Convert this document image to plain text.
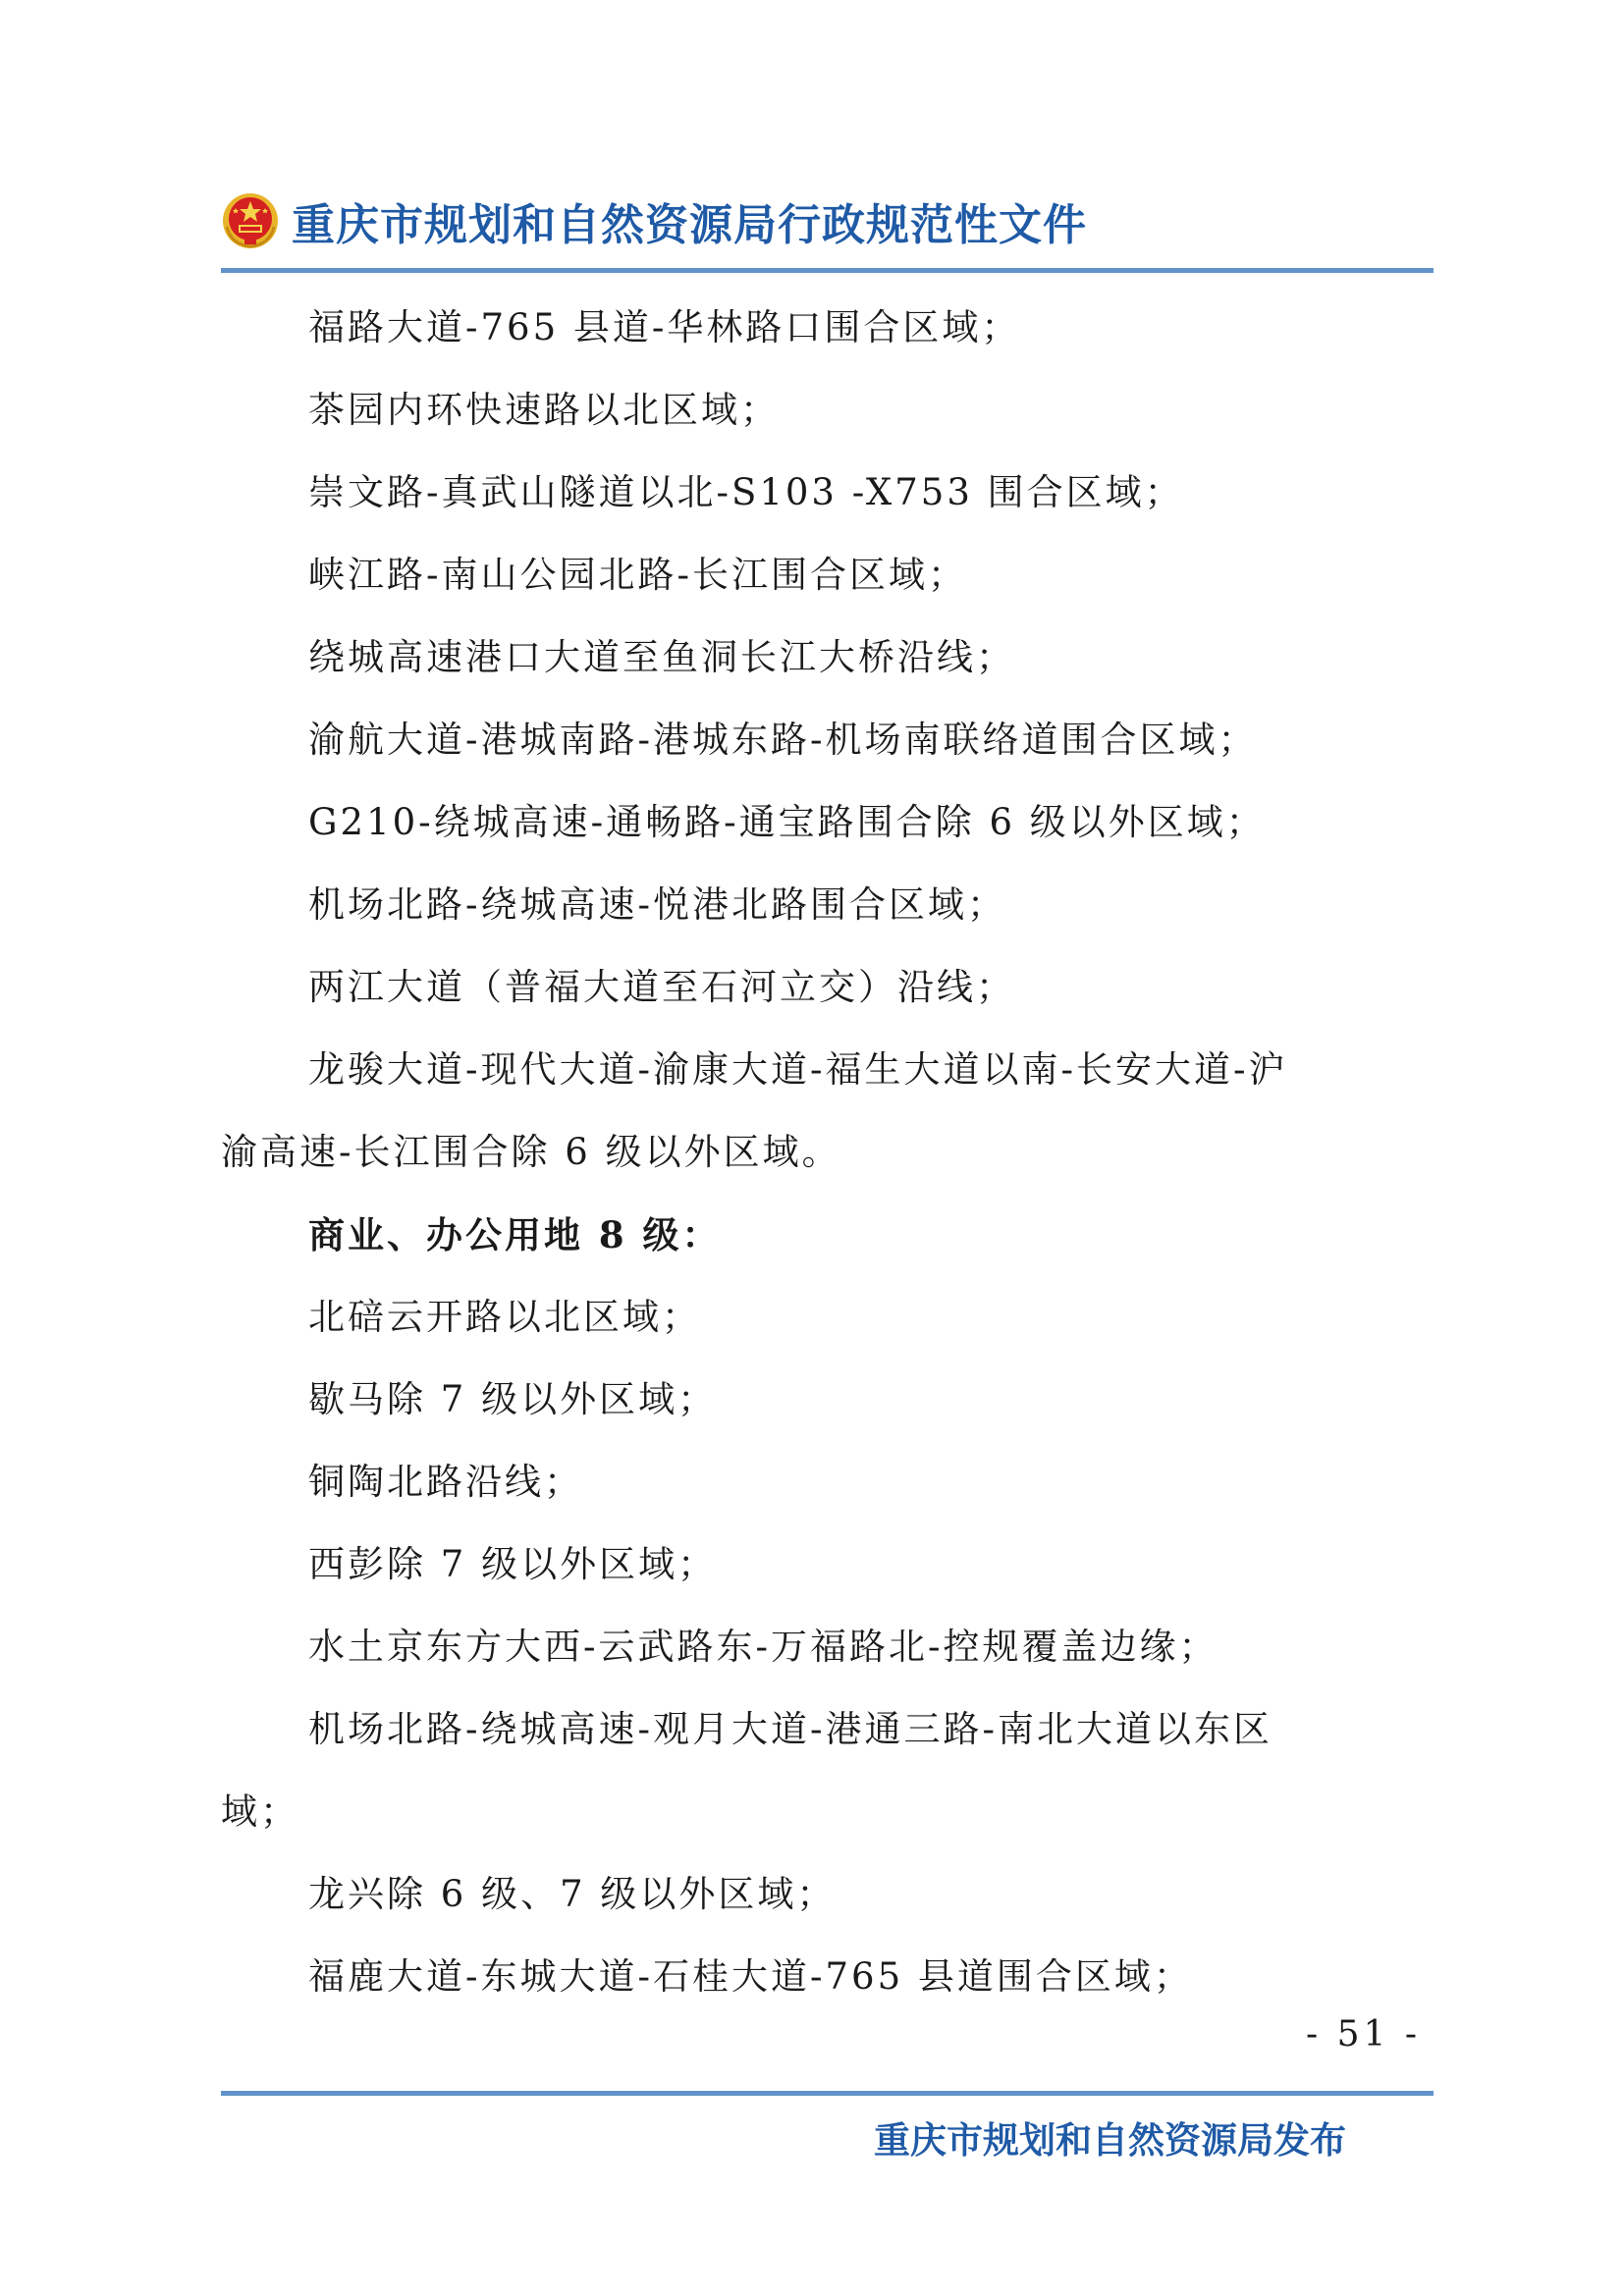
重庆市规划和自然资源局行政规范性文件
福路大道-765 县道-华林路口围合区域；
茶园内环快速路以北区域；
崇文路-真武山隧道以北-S103 -X753 围合区域；
峡江路-南山公园北路-长江围合区域；
绕城高速港口大道至鱼洞长江大桥沿线；
渝航大道-港城南路-港城东路-机场南联络道围合区域；
G210-绕城高速-通畅路-通宝路围合除 6 级以外区域；
机场北路-绕城高速-悦港北路围合区域；
两江大道（普福大道至石河立交）沿线；
龙骏大道-现代大道-渝康大道-福生大道以南-长安大道-沪
渝高速-长江围合除 6 级以外区域。
商业、办公用地 8 级：
北碚云开路以北区域；
歇马除 7 级以外区域；
铜陶北路沿线；
西彭除 7 级以外区域；
水土京东方大西-云武路东-万福路北-控规覆盖边缘；
机场北路-绕城高速-观月大道-港通三路-南北大道以东区
域；
龙兴除 6 级、7 级以外区域；
福鹿大道-东城大道-石桂大道-765 县道围合区域；
- 51 -
重庆市规划和自然资源局发布
